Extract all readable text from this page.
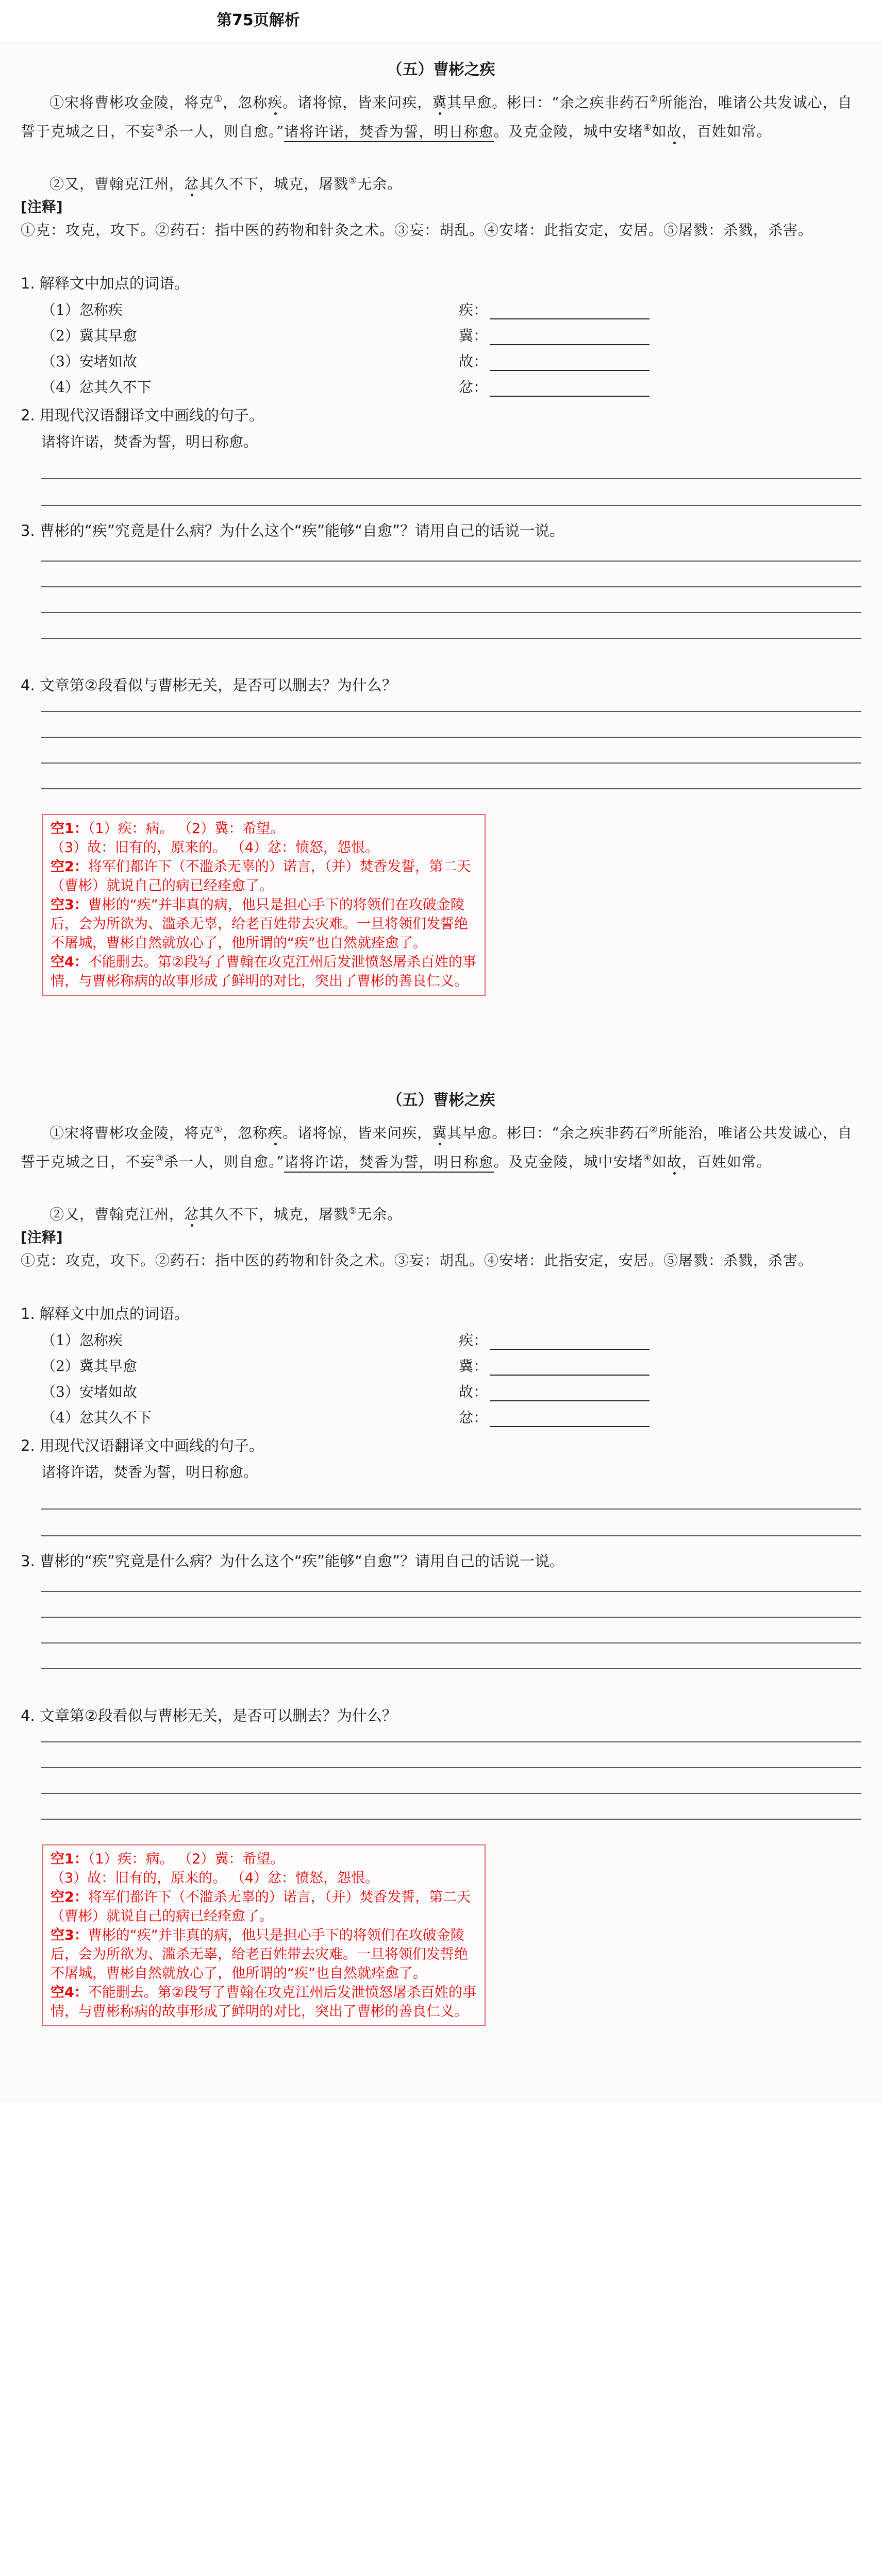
第75页解析
（五）曹彬之疾
①宋将曹彬攻金陵，将克①，忽称疾。诸将惊，皆来问疾，冀其早愈。彬曰：“余之疾非药石②所能治，唯诸公共发诚心，自誓于克城之日，不妄③杀一人，则自愈。”诸将许诺，焚香为誓，明日称愈。及克金陵，城中安堵④如故，百姓如常。
②又，曹翰克江州，忿其久不下，城克，屠戮⑤无余。
[ 注释 ]
①克：攻克，攻下。②药石：指中医的药物和针灸之术。③妄：胡乱。④安堵：此指安定，安居。⑤屠戮：杀戮，杀害。
1. 解释文中加点的词语。
（1）忽称疾	疾：
（2）冀其早愈	冀：
（3）安堵如故	故：
（4）忿其久不下	忿：
2. 用现代汉语翻译文中画线的句子。
诸将许诺，焚香为誓，明日称愈。
3. 曹彬的“疾”究竟是什么病？为什么这个“疾”能够“自愈”？请用自己的话说一说。
4. 文章第②段看似与曹彬无关，是否可以删去？为什么？

空1：（1）疾：病。 （2）冀：希望。

（3）故：旧有的，原来的。 （4）忿：愤怒，怨恨。

空2：将军们都许下（不滥杀无辜的）诺言，（并）焚香发誓，第二天（曹彬）就说自己的病已经痊愈了。

空3：曹彬的“疾”并非真的病，他只是担心手下的将领们在攻破金陵后，会为所欲为、滥杀无辜，给老百姓带去灾难。一旦将领们发誓绝不屠城，曹彬自然就放心了，他所谓的“疾”也自然就痊愈了。

空4：不能删去。第②段写了曹翰在攻克江州后发泄愤怒屠杀百姓的事情，与曹彬称病的故事形成了鲜明的对比，突出了曹彬的善良仁义。

（五）曹彬之疾
①宋将曹彬攻金陵，将克①，忽称疾。诸将惊，皆来问疾，冀其早愈。彬曰：“余之疾非药石②所能治，唯诸公共发诚心，自誓于克城之日，不妄③杀一人，则自愈。”诸将许诺，焚香为誓，明日称愈。及克金陵，城中安堵④如故，百姓如常。
②又，曹翰克江州，忿其久不下，城克，屠戮⑤无余。
[ 注释 ]
①克：攻克，攻下。②药石：指中医的药物和针灸之术。③妄：胡乱。④安堵：此指安定，安居。⑤屠戮：杀戮，杀害。
1. 解释文中加点的词语。
（1）忽称疾	疾：
（2）冀其早愈	冀：
（3）安堵如故	故：
（4）忿其久不下	忿：
2. 用现代汉语翻译文中画线的句子。
诸将许诺，焚香为誓，明日称愈。
3. 曹彬的“疾”究竟是什么病？为什么这个“疾”能够“自愈”？请用自己的话说一说。
4. 文章第②段看似与曹彬无关，是否可以删去？为什么？

空1：（1）疾：病。 （2）冀：希望。

（3）故：旧有的，原来的。 （4）忿：愤怒，怨恨。

空2：将军们都许下（不滥杀无辜的）诺言，（并）焚香发誓，第二天（曹彬）就说自己的病已经痊愈了。

空3：曹彬的“疾”并非真的病，他只是担心手下的将领们在攻破金陵后，会为所欲为、滥杀无辜，给老百姓带去灾难。一旦将领们发誓绝不屠城，曹彬自然就放心了，他所谓的“疾”也自然就痊愈了。

空4：不能删去。第②段写了曹翰在攻克江州后发泄愤怒屠杀百姓的事情，与曹彬称病的故事形成了鲜明的对比，突出了曹彬的善良仁义。
